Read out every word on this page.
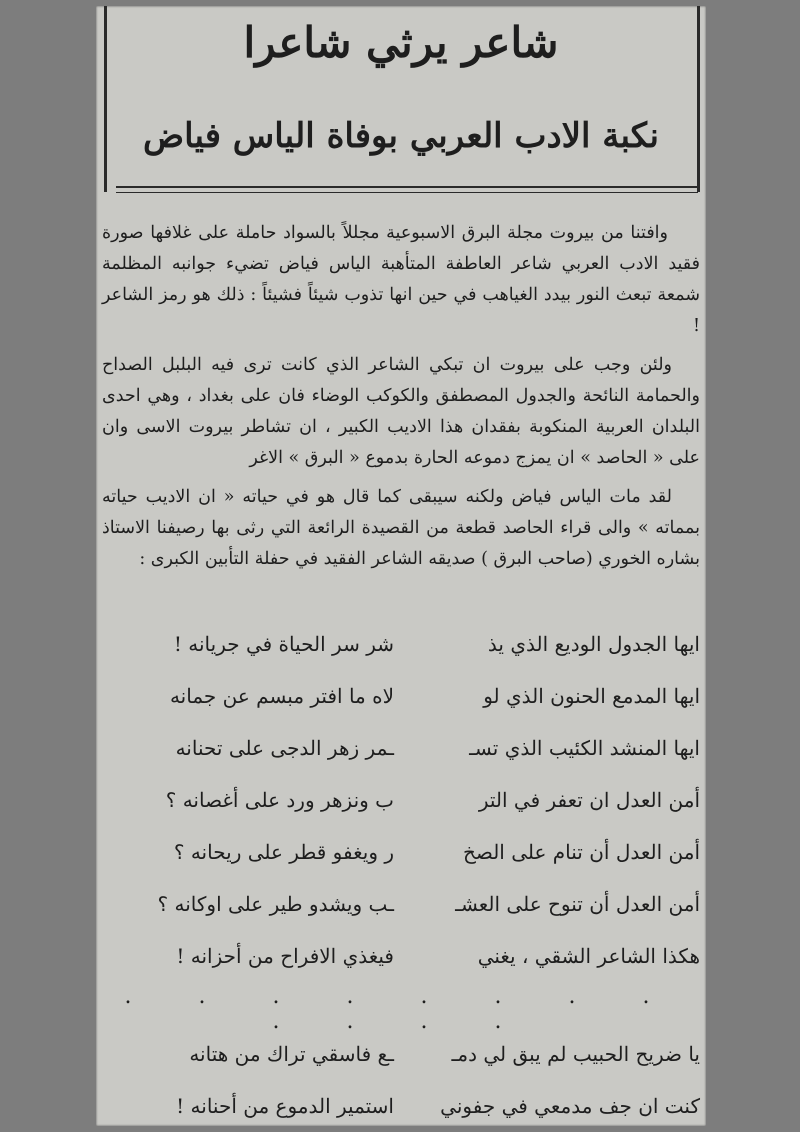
شاعر يرثي شاعرا
نكبة الادب العربي بوفاة الياس فياض

وافتنا من بيروت مجلة البرق الاسبوعية مجللاً بالسواد حاملة على غلافها صورة فقيد الادب العربي شاعر العاطفة المتأهبة الياس فياض تضيء جوانبه المظلمة شمعة تبعث النور بيدد الغياهب في حين انها تذوب شيئاً فشيئاً : ذلك هو رمز الشاعر !

ولئن وجب على بيروت ان تبكي الشاعر الذي كانت ترى فيه البلبل الصداح والحمامة النائحة والجدول المصطفق والكوكب الوضاء فان على بغداد ، وهي احدى البلدان العربية المنكوبة بفقدان هذا الاديب الكبير ، ان تشاطر بيروت الاسى وان على « الحاصد » ان يمزج دموعه الحارة بدموع « البرق » الاغر

لقد مات الياس فياض ولكنه سيبقى كما قال هو في حياته « ان الاديب حياته بمماته » والى قراء الحاصد قطعة من القصيدة الرائعة التي رثى بها رصيفنا الاستاذ بشاره الخوري (صاحب البرق ) صديقه الشاعر الفقيد في حفلة التأبين الكبرى :

ايها الجدول الوديع الذي يذ
شر سر الحياة في جريانه !
ايها المدمع الحنون الذي لو
لاه ما افتر مبسم عن جمانه
ايها المنشد الكئيب الذي تسـ
ـمر زهر الدجى على تحنانه
أمن العدل ان تعفر في التر
ب ونزهر ورد على أغصانه ؟
أمن العدل أن تنام على الصخ
ر ويغفو قطر على ريحانه ؟
أمن العدل أن تنوح على العشـ
ـب ويشدو طير على اوكانه ؟
هكذا الشاعر الشقي ، يغني
فيغذي الافراح من أحزانه !
. . . . . . . . . . . .
يا ضريح الحبيب لم يبق لي دمـ
ـع فاسقي تراك من هتانه
كنت ان جف مدمعي في جفوني
استمير الدموع من أحنانه !
